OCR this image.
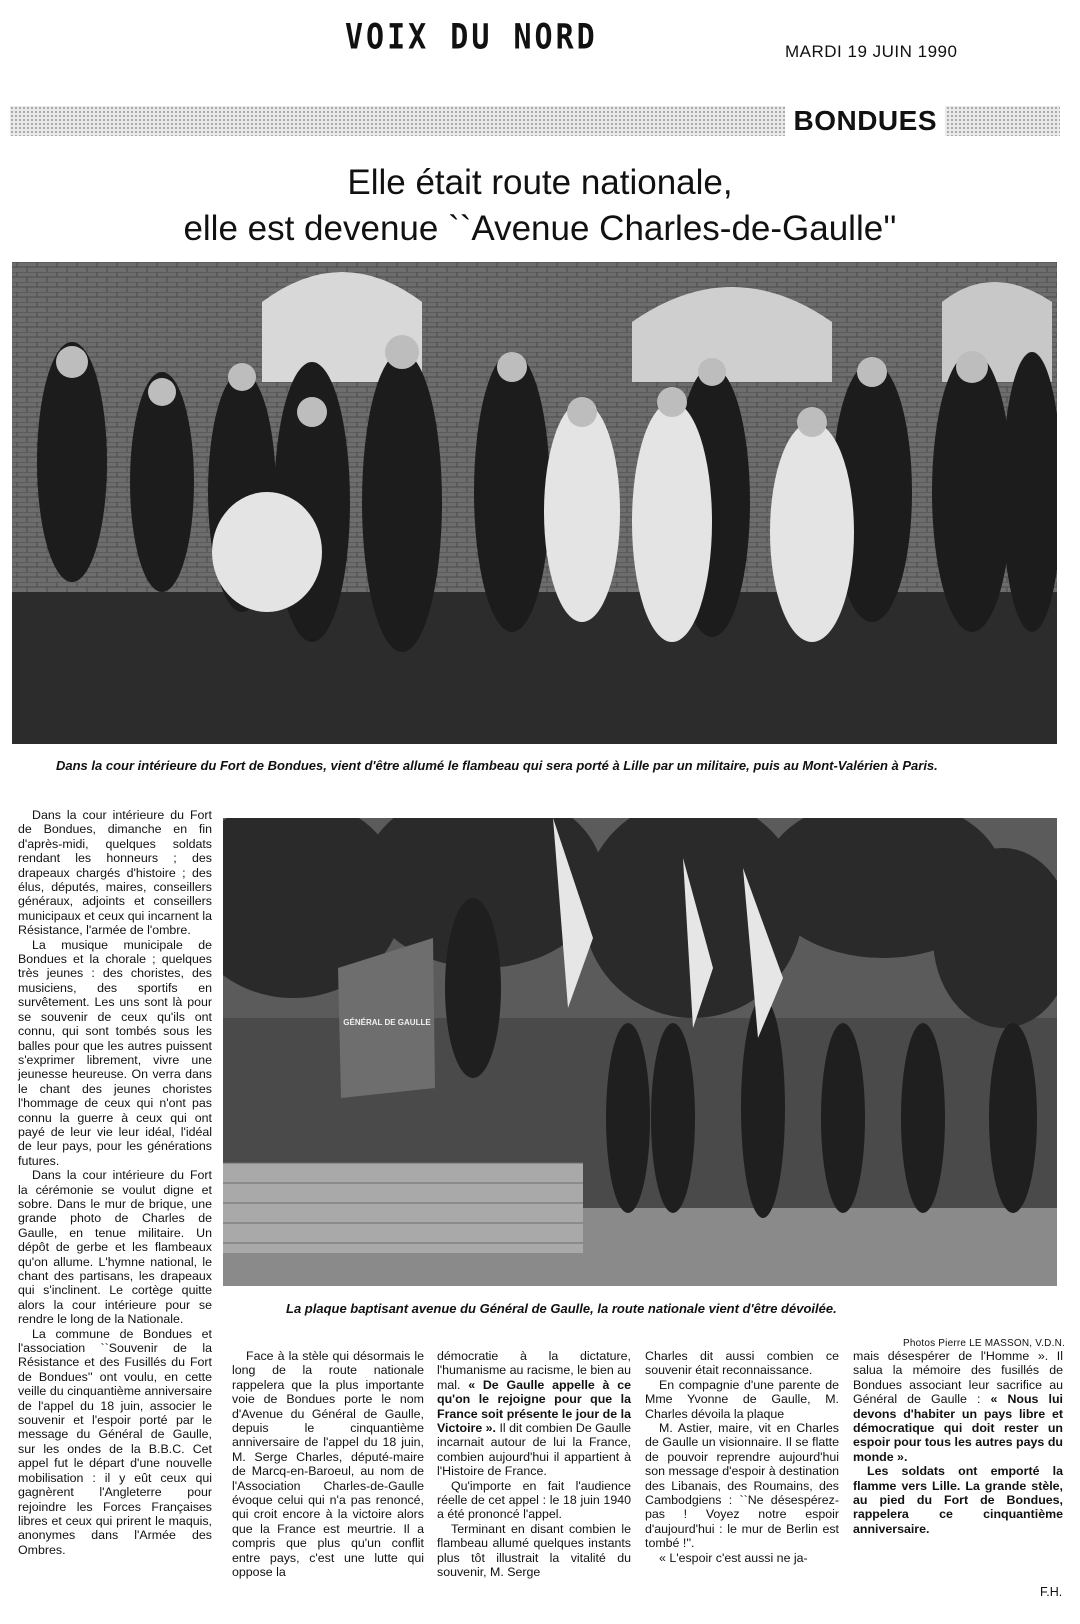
VOIX DU NORD	MARDI 19 JUIN 1990
BONDUES
Elle était route nationale,
elle est devenue ``Avenue Charles-de-Gaulle''
Dans la cour intérieure du Fort de Bondues, vient d'être allumé le flambeau qui sera porté à Lille par un militaire, puis au Mont-Valérien à Paris.
GÉNÉRAL DE GAULLE
La plaque baptisant avenue du Général de Gaulle, la route nationale vient d'être dévoilée.
Photos Pierre LE MASSON, V.D.N.

Dans la cour intérieure du Fort de Bondues, dimanche en fin d'après-midi, quelques soldats rendant les honneurs ; des drapeaux chargés d'histoire ; des élus, députés, maires, conseillers généraux, adjoints et conseillers municipaux et ceux qui incarnent la Résistance, l'armée de l'ombre.

La musique municipale de Bondues et la chorale ; quelques très jeunes : des choristes, des musiciens, des sportifs en survêtement. Les uns sont là pour se souvenir de ceux qu'ils ont connu, qui sont tombés sous les balles pour que les autres puissent s'exprimer librement, vivre une jeunesse heureuse. On verra dans le chant des jeunes choristes l'hommage de ceux qui n'ont pas connu la guerre à ceux qui ont payé de leur vie leur idéal, l'idéal de leur pays, pour les générations futures.

Dans la cour intérieure du Fort la cérémonie se voulut digne et sobre. Dans le mur de brique, une grande photo de Charles de Gaulle, en tenue militaire. Un dépôt de gerbe et les flambeaux qu'on allume. L'hymne national, le chant des partisans, les drapeaux qui s'inclinent. Le cortège quitte alors la cour intérieure pour se rendre le long de la Nationale.

La commune de Bondues et l'association ``Souvenir de la Résistance et des Fusillés du Fort de Bondues'' ont voulu, en cette veille du cinquantième anniversaire de l'appel du 18 juin, associer le souvenir et l'espoir porté par le message du Général de Gaulle, sur les ondes de la B.B.C. Cet appel fut le départ d'une nouvelle mobilisation : il y eût ceux qui gagnèrent l'Angleterre pour rejoindre les Forces Françaises libres et ceux qui prirent le maquis, anonymes dans l'Armée des Ombres.

Face à la stèle qui désormais le long de la route nationale rappelera que la plus importante voie de Bondues porte le nom d'Avenue du Général de Gaulle, depuis le cinquantième anniversaire de l'appel du 18 juin, M. Serge Charles, député-maire de Marcq-en-Baroeul, au nom de l'Association Charles-de-Gaulle évoque celui qui n'a pas renoncé, qui croit encore à la victoire alors que la France est meurtrie. Il a compris que plus qu'un conflit entre pays, c'est une lutte qui oppose la

démocratie à la dictature, l'humanisme au racisme, le bien au mal. « De Gaulle appelle à ce qu'on le rejoigne pour que la France soit présente le jour de la Victoire ». Il dit combien De Gaulle incarnait autour de lui la France, combien aujourd'hui il appartient à l'Histoire de France.

Qu'importe en fait l'audience réelle de cet appel : le 18 juin 1940 a été prononcé l'appel.

Terminant en disant combien le flambeau allumé quelques instants plus tôt illustrait la vitalité du souvenir, M. Serge

Charles dit aussi combien ce souvenir était reconnaissance.

En compagnie d'une parente de Mme Yvonne de Gaulle, M. Charles dévoila la plaque

M. Astier, maire, vit en Charles de Gaulle un visionnaire. Il se flatte de pouvoir reprendre aujourd'hui son message d'espoir à destination des Libanais, des Roumains, des Cambodgiens : ``Ne désespérez-pas ! Voyez notre espoir d'aujourd'hui : le mur de Berlin est tombé !''.

« L'espoir c'est aussi ne ja-

mais désespérer de l'Homme ». Il salua la mémoire des fusillés de Bondues associant leur sacrifice au Général de Gaulle : « Nous lui devons d'habiter un pays libre et démocratique qui doit rester un espoir pour tous les autres pays du monde ».

Les soldats ont emporté la flamme vers Lille. La grande stèle, au pied du Fort de Bondues, rappelera ce cinquantième anniversaire.

F.H.
